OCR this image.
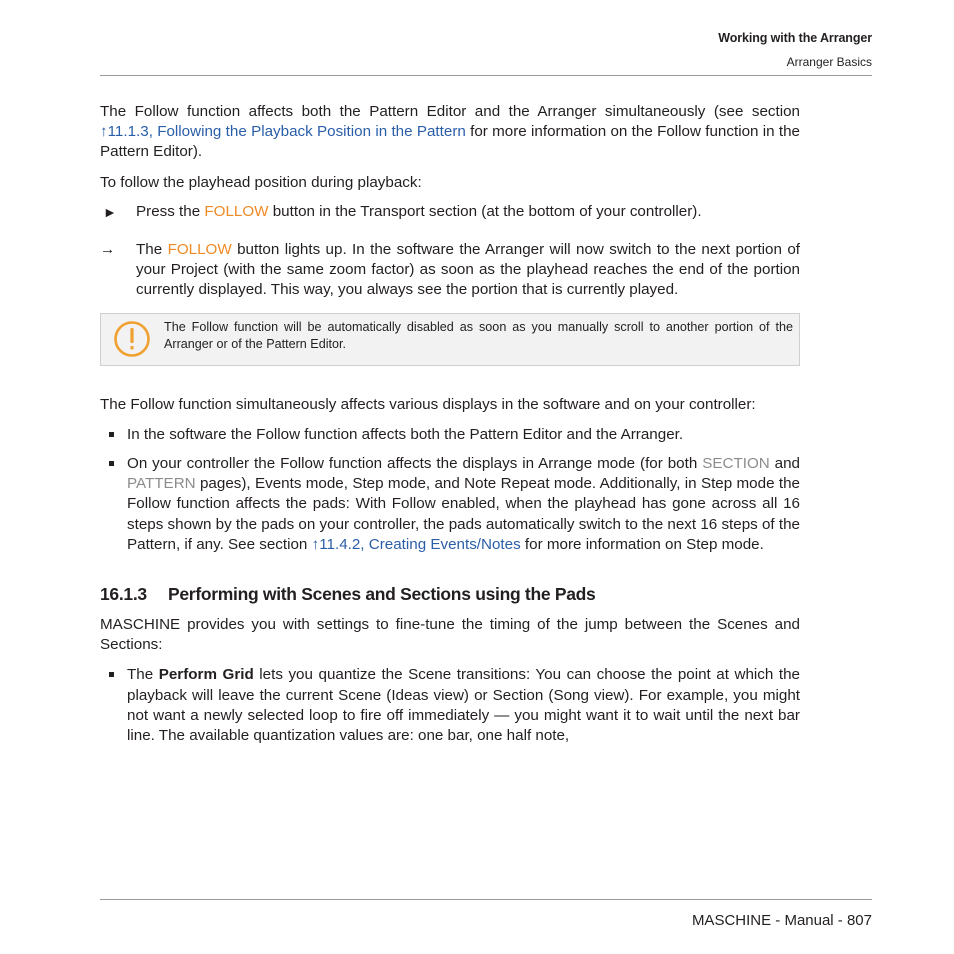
Working with the Arranger
Arranger Basics

The Follow function affects both the Pattern Editor and the Arranger simultaneously (see section ↑11.1.3, Following the Playback Position in the Pattern for more information on the Follow function in the Pattern Editor).

To follow the playhead position during playback:

► Press the FOLLOW button in the Transport section (at the bottom of your controller).
→ The FOLLOW button lights up. In the software the Arranger will now switch to the next portion of your Project (with the same zoom factor) as soon as the playhead reaches the end of the portion currently displayed. This way, you always see the portion that is currently played.
The Follow function will be automatically disabled as soon as you manually scroll to another portion of the Arranger or of the Pattern Editor.

The Follow function simultaneously affects various displays in the software and on your controller:

In the software the Follow function affects both the Pattern Editor and the Arranger.
On your controller the Follow function affects the displays in Arrange mode (for both SECTION and PATTERN pages), Events mode, Step mode, and Note Repeat mode. Additionally, in Step mode the Follow function affects the pads: With Follow enabled, when the playhead has gone across all 16 steps shown by the pads on your controller, the pads automatically switch to the next 16 steps of the Pattern, if any. See section ↑11.4.2, Creating Events/Notes for more information on Step mode.
16.1.3 Performing with Scenes and Sections using the Pads

MASCHINE provides you with settings to fine-tune the timing of the jump between the Scenes and Sections:

The Perform Grid lets you quantize the Scene transitions: You can choose the point at which the playback will leave the current Scene (Ideas view) or Section (Song view). For example, you might not want a newly selected loop to fire off immediately — you might want it to wait until the next bar line. The available quantization values are: one bar, one half note,
MASCHINE - Manual - 807
